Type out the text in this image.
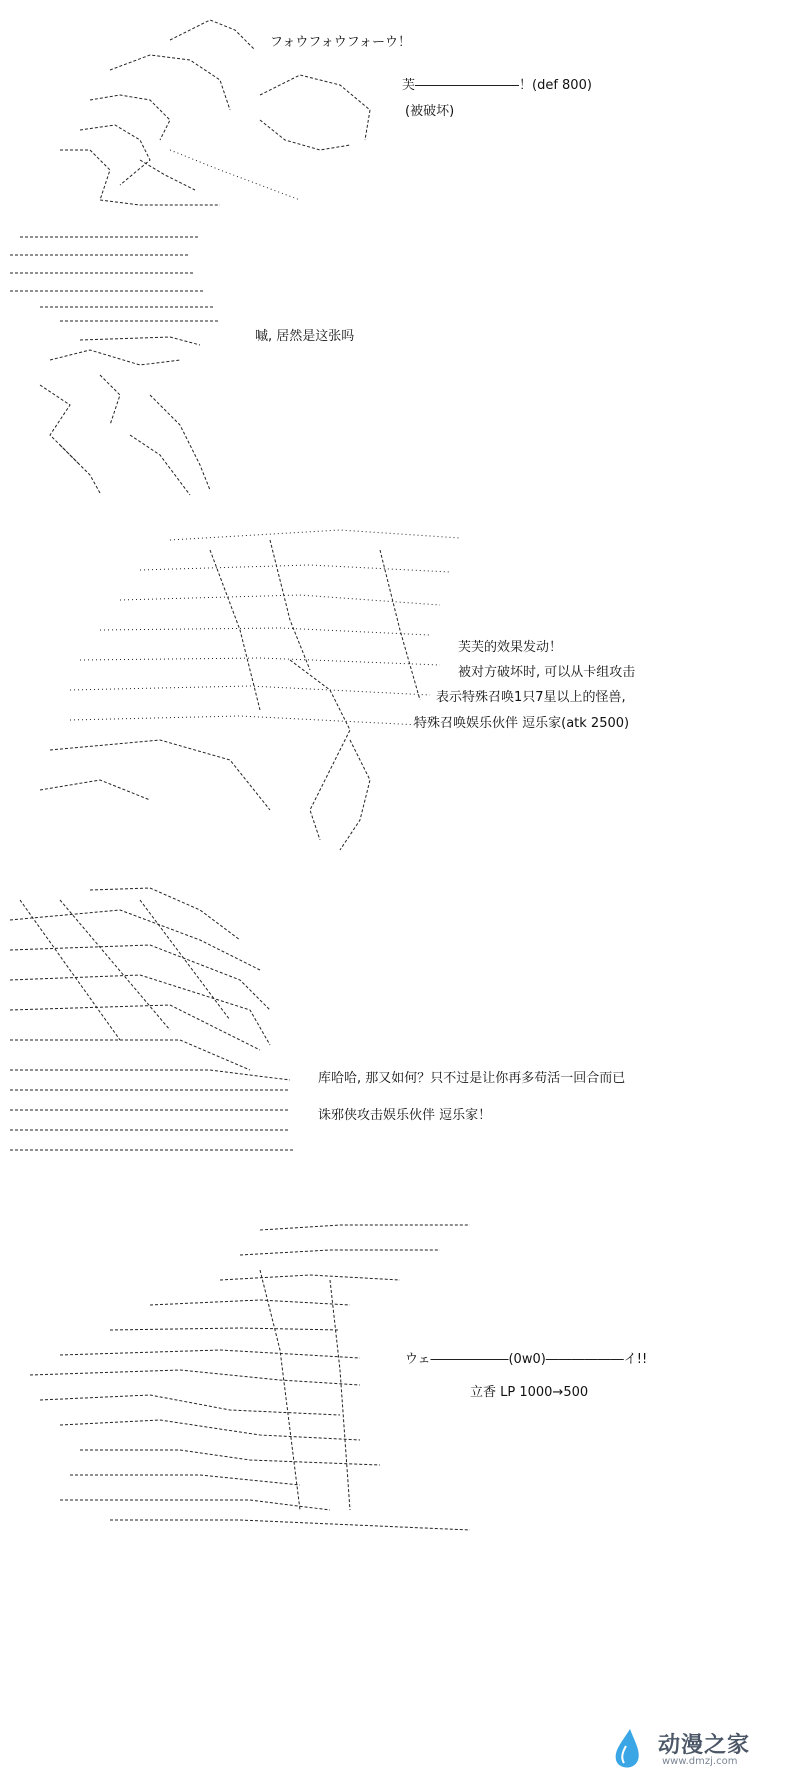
フォウフォウフォーウ！
芙――――――――！(def 800)
(被破坏)
嘁, 居然是这张吗
芙芙的效果发动！
被对方破坏时, 可以从卡组攻击
表示特殊召唤1只7星以上的怪兽,
特殊召唤娱乐伙伴 逗乐家(atk 2500)
库哈哈, 那又如何？只不过是让你再多苟活一回合而已
诛邪侠攻击娱乐伙伴 逗乐家！
ウェ――――――(0w0)――――――イ!!
立香 LP 1000→500
动漫之家
www.dmzj.com
